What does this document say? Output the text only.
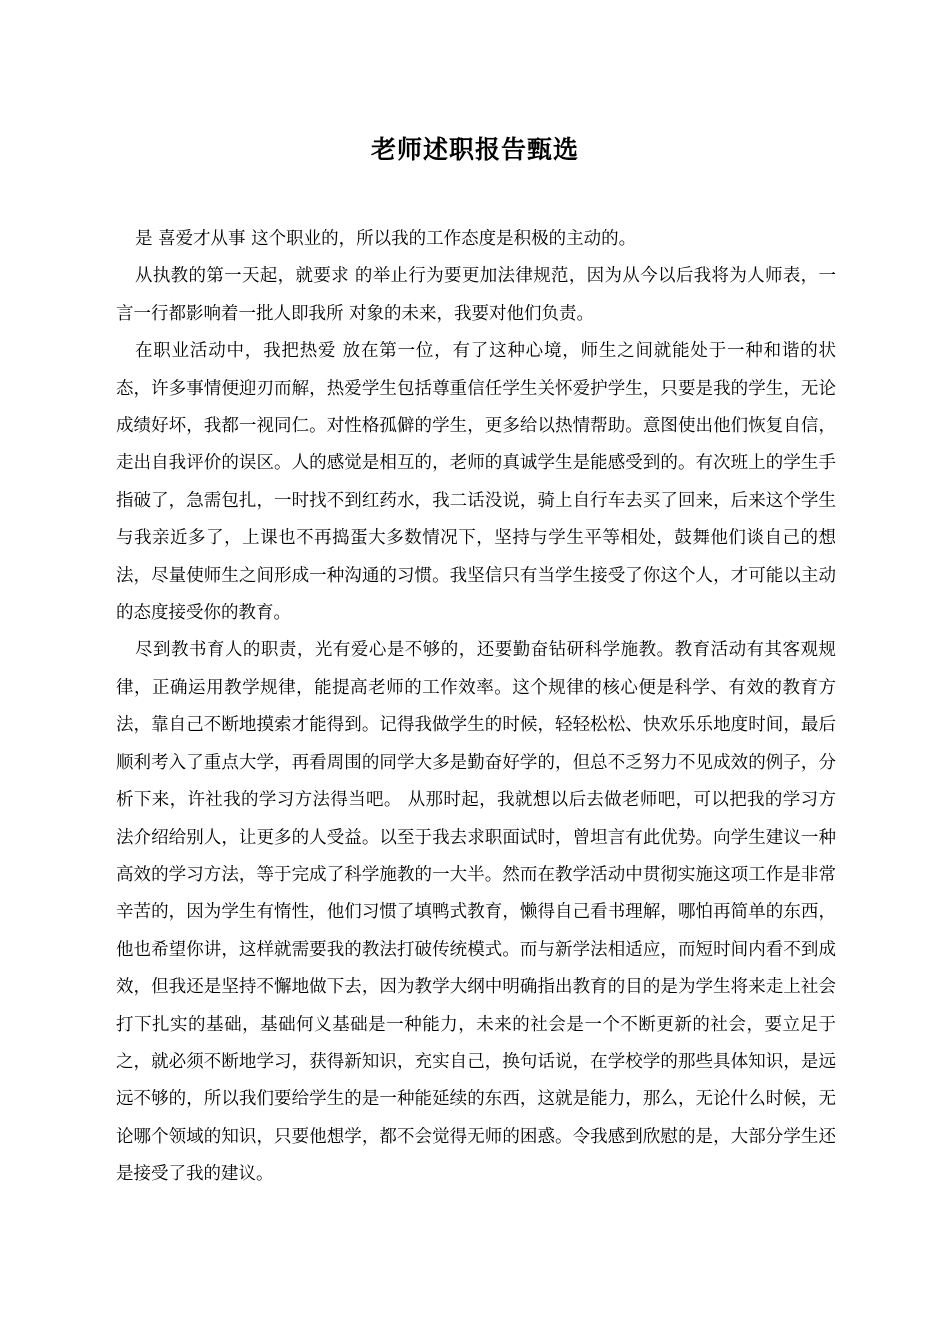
老师述职报告甄选

是 喜爱才从事 这个职业的，所以我的工作态度是积极的主动的。

从执教的第一天起，就要求 的举止行为要更加法律规范，因为从今以后我将为人师表，一言一行都影响着一批人即我所 对象的未来，我要对他们负责。

在职业活动中，我把热爱 放在第一位，有了这种心境，师生之间就能处于一种和谐的状态，许多事情便迎刃而解，热爱学生包括尊重信任学生关怀爱护学生，只要是我的学生，无论成绩好坏，我都一视同仁。对性格孤僻的学生，更多给以热情帮助。意图使出他们恢复自信，走出自我评价的误区。人的感觉是相互的，老师的真诚学生是能感受到的。有次班上的学生手指破了，急需包扎，一时找不到红药水，我二话没说，骑上自行车去买了回来，后来这个学生与我亲近多了，上课也不再捣蛋大多数情况下，坚持与学生平等相处，鼓舞他们谈自己的想法，尽量使师生之间形成一种沟通的习惯。我坚信只有当学生接受了你这个人，才可能以主动的态度接受你的教育。

尽到教书育人的职责，光有爱心是不够的，还要勤奋钻研科学施教。教育活动有其客观规律，正确运用教学规律，能提高老师的工作效率。这个规律的核心便是科学、有效的教育方法，靠自己不断地摸索才能得到。记得我做学生的时候，轻轻松松、快欢乐乐地度时间，最后顺利考入了重点大学，再看周围的同学大多是勤奋好学的，但总不乏努力不见成效的例子，分析下来，许社我的学习方法得当吧。 从那时起，我就想以后去做老师吧，可以把我的学习方法介绍给别人，让更多的人受益。以至于我去求职面试时，曾坦言有此优势。向学生建议一种高效的学习方法，等于完成了科学施教的一大半。然而在教学活动中贯彻实施这项工作是非常辛苦的，因为学生有惰性，他们习惯了填鸭式教育，懒得自己看书理解，哪怕再简单的东西，他也希望你讲，这样就需要我的教法打破传统模式。而与新学法相适应，而短时间内看不到成效，但我还是坚持不懈地做下去，因为教学大纲中明确指出教育的目的是为学生将来走上社会打下扎实的基础，基础何义基础是一种能力，未来的社会是一个不断更新的社会，要立足于之，就必须不断地学习，获得新知识，充实自己，换句话说，在学校学的那些具体知识，是远远不够的，所以我们要给学生的是一种能延续的东西，这就是能力，那么，无论什么时候，无论哪个领域的知识，只要他想学，都不会觉得无师的困惑。令我感到欣慰的是，大部分学生还是接受了我的建议。
